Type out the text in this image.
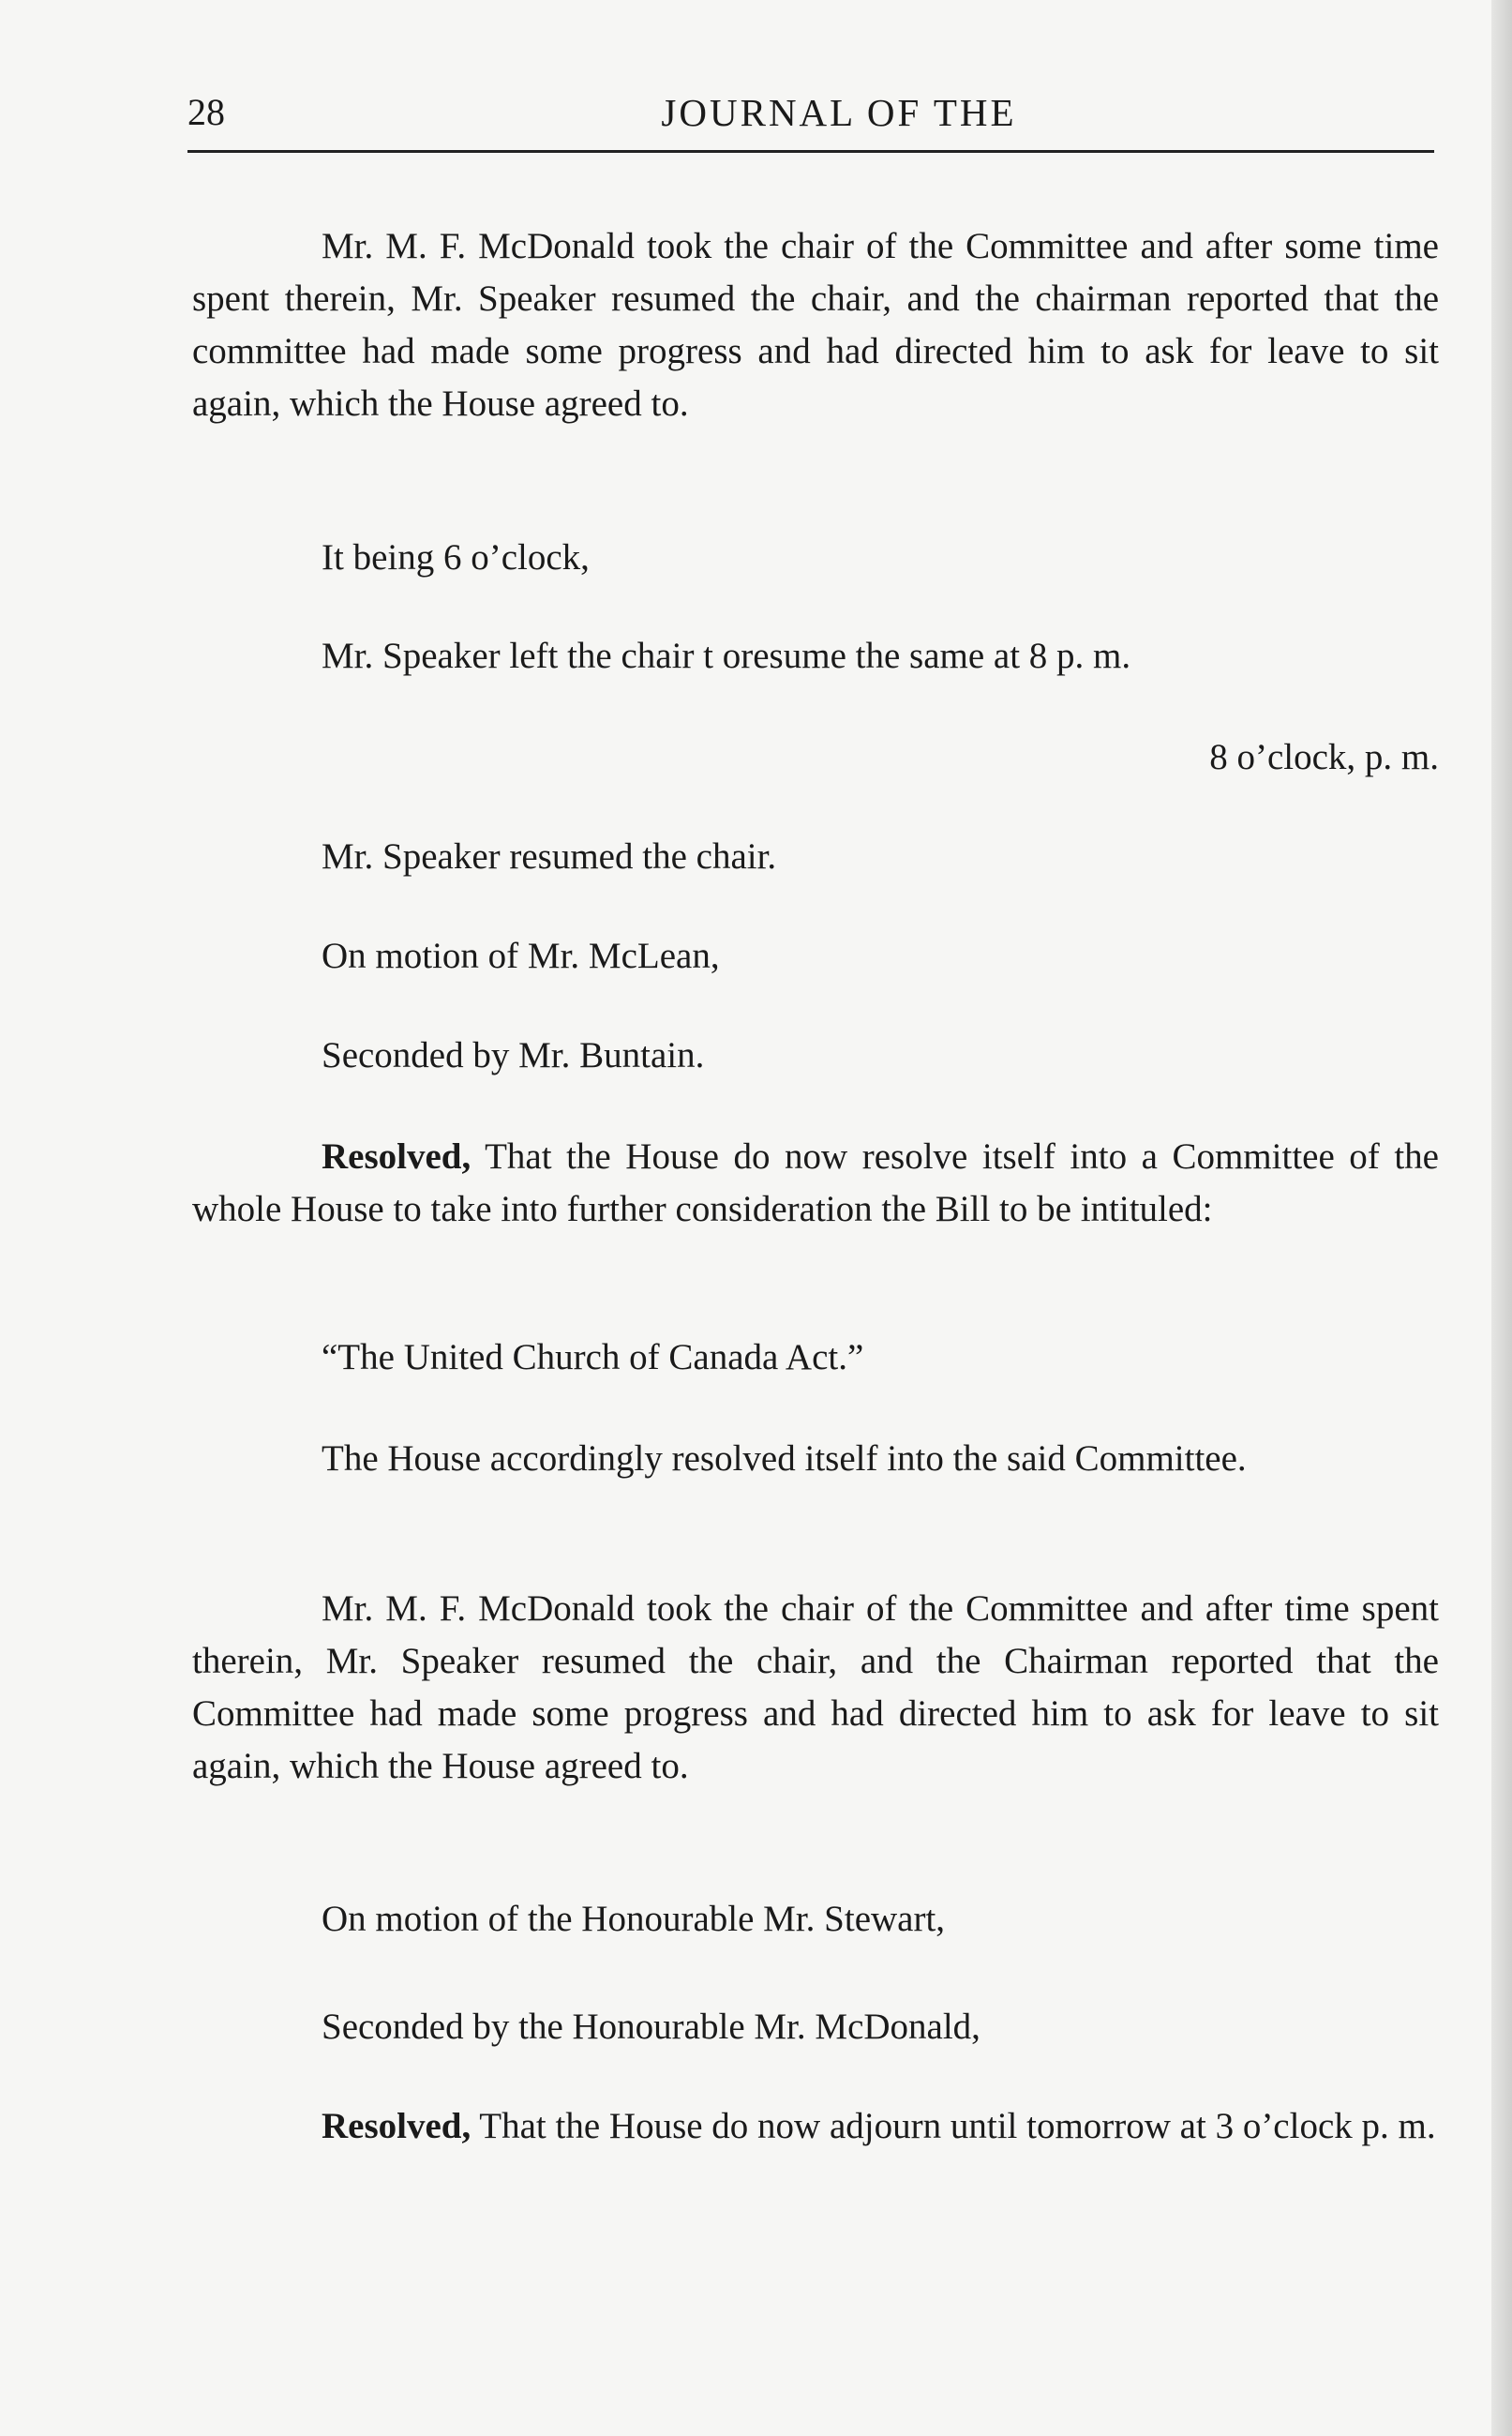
28	JOURNAL OF THE

Mr. M. F. McDonald took the chair of the Committee and after some time spent therein, Mr. Speaker resumed the chair, and the chairman reported that the committee had made some progress and had directed him to ask for leave to sit again, which the House agreed to.

It being 6 o’clock,

Mr. Speaker left the chair t oresume the same at 8 p. m.

8 o’clock, p. m.

Mr. Speaker resumed the chair.

On motion of Mr. McLean,

Seconded by Mr. Buntain.

Resolved, That the House do now resolve itself into a Committee of the whole House to take into further consideration the Bill to be intituled:

“The United Church of Canada Act.”

The House accordingly resolved itself into the said Committee.

Mr. M. F. McDonald took the chair of the Committee and after time spent therein, Mr. Speaker resumed the chair, and the Chairman reported that the Committee had made some progress and had directed him to ask for leave to sit again, which the House agreed to.

On motion of the Honourable Mr. Stewart,

Seconded by the Honourable Mr. McDonald,

Resolved, That the House do now adjourn until tomorrow at 3 o’clock p. m.
